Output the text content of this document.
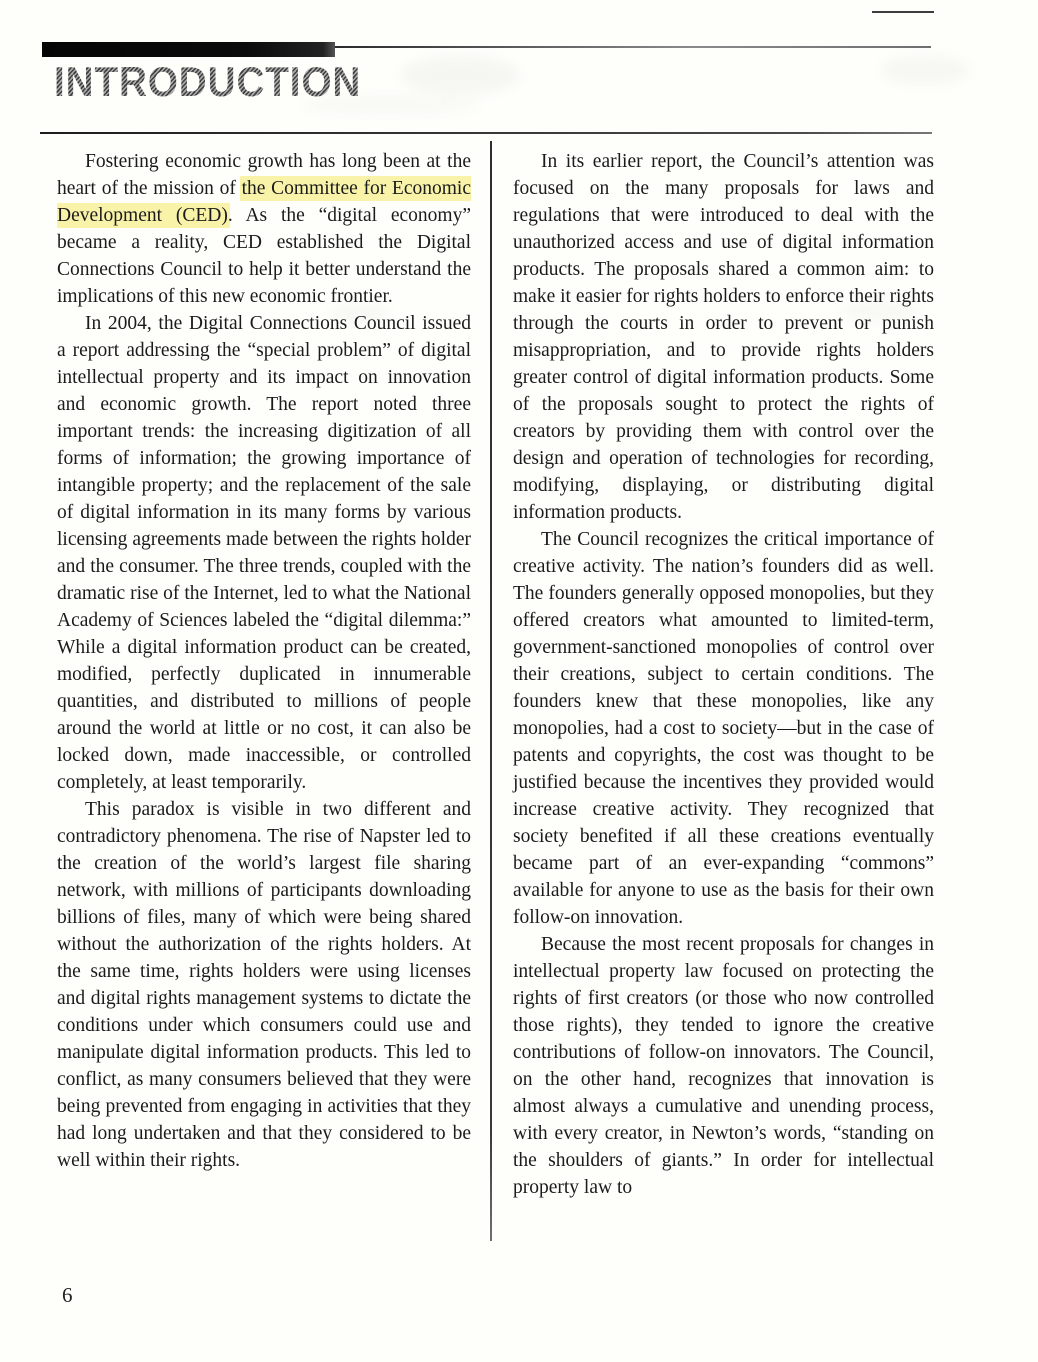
INTRODUCTION

Fostering economic growth has long been at the heart of the mission of the Committee for Economic Development (CED). As the “digital economy” became a reality, CED established the Digital Connections Council to help it better understand the implications of this new economic frontier.

In 2004, the Digital Connections Council issued a report addressing the “special problem” of digital intellectual property and its impact on innovation and economic growth. The report noted three important trends: the increasing digitization of all forms of information; the growing importance of intangible property; and the replacement of the sale of digital information in its many forms by various licensing agreements made between the rights holder and the consumer. The three trends, coupled with the dramatic rise of the Internet, led to what the National Academy of Sciences labeled the “digital dilemma:” While a digital information product can be created, modified, perfectly duplicated in innumerable quantities, and distributed to millions of people around the world at little or no cost, it can also be locked down, made inaccessible, or controlled completely, at least temporarily.

This paradox is visible in two different and contradictory phenomena. The rise of Napster led to the creation of the world’s largest file sharing network, with millions of participants downloading billions of files, many of which were being shared without the authorization of the rights holders. At the same time, rights holders were using licenses and digital rights management systems to dictate the conditions under which consumers could use and manipulate digital information products. This led to conflict, as many consumers believed that they were being prevented from engaging in activities that they had long undertaken and that they considered to be well within their rights.

In its earlier report, the Council’s attention was focused on the many proposals for laws and regulations that were introduced to deal with the unauthorized access and use of digital information products. The proposals shared a common aim: to make it easier for rights holders to enforce their rights through the courts in order to prevent or punish misappropriation, and to provide rights holders greater control of digital information products. Some of the proposals sought to protect the rights of creators by providing them with control over the design and operation of technologies for recording, modifying, displaying, or distributing digital information products.

The Council recognizes the critical importance of creative activity. The nation’s founders did as well. The founders generally opposed monopolies, but they offered creators what amounted to limited-term, government-sanctioned monopolies of control over their creations, subject to certain conditions. The founders knew that these monopolies, like any monopolies, had a cost to society—but in the case of patents and copyrights, the cost was thought to be justified because the incentives they provided would increase creative activity. They recognized that society benefited if all these creations eventually became part of an ever-expanding “commons” available for anyone to use as the basis for their own follow-on innovation.

Because the most recent proposals for changes in intellectual property law focused on protecting the rights of first creators (or those who now controlled those rights), they tended to ignore the creative contributions of follow-on innovators. The Council, on the other hand, recognizes that innovation is almost always a cumulative and unending process, with every creator, in Newton’s words, “standing on the shoulders of giants.” In order for intellectual property law to

6
